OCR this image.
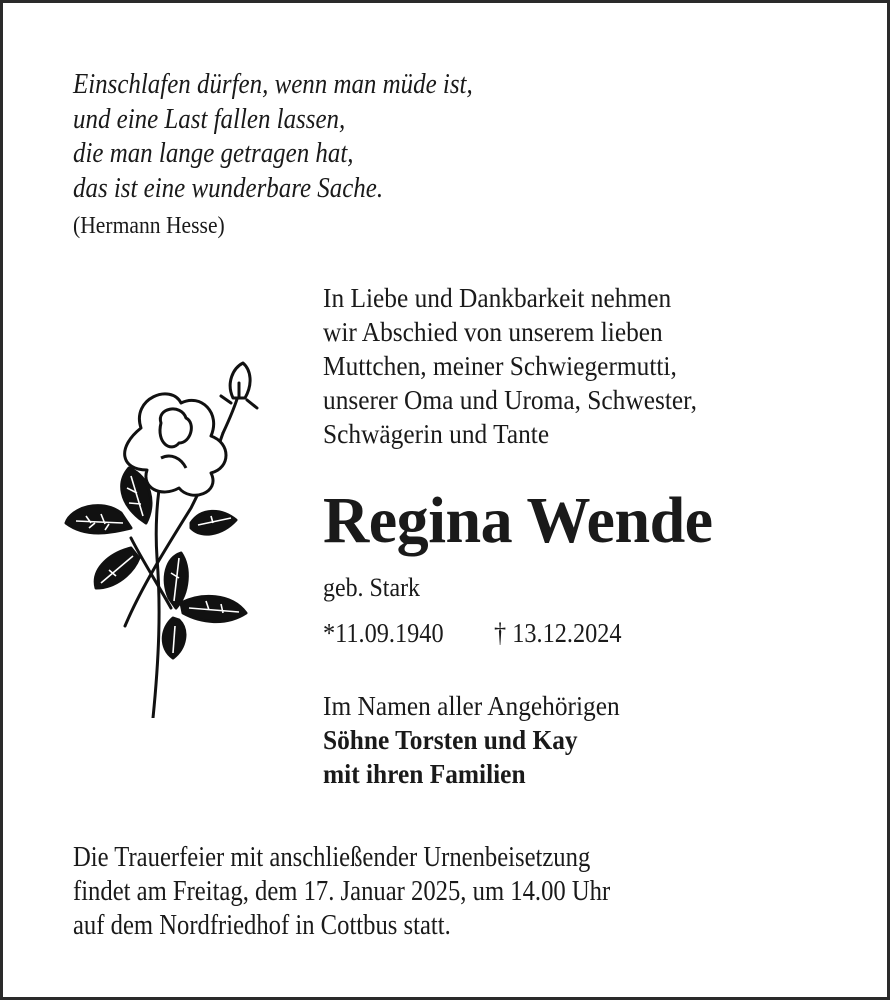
Einschlafen dürfen, wenn man müde ist,
und eine Last fallen lassen,
die man lange getragen hat,
das ist eine wunderbare Sache.
(Hermann Hesse)
In Liebe und Dankbarkeit nehmen
wir Abschied von unserem lieben
Muttchen, meiner Schwiegermutti,
unserer Oma und Uroma, Schwester,
Schwägerin und Tante
Regina Wende
geb. Stark
*11.09.1940 † 13.12.2024
Im Namen aller Angehörigen
Söhne Torsten und Kay
mit ihren Familien
Die Trauerfeier mit anschließender Urnenbeisetzung
findet am Freitag, dem 17. Januar 2025, um 14.00 Uhr
auf dem Nordfriedhof in Cottbus statt.
